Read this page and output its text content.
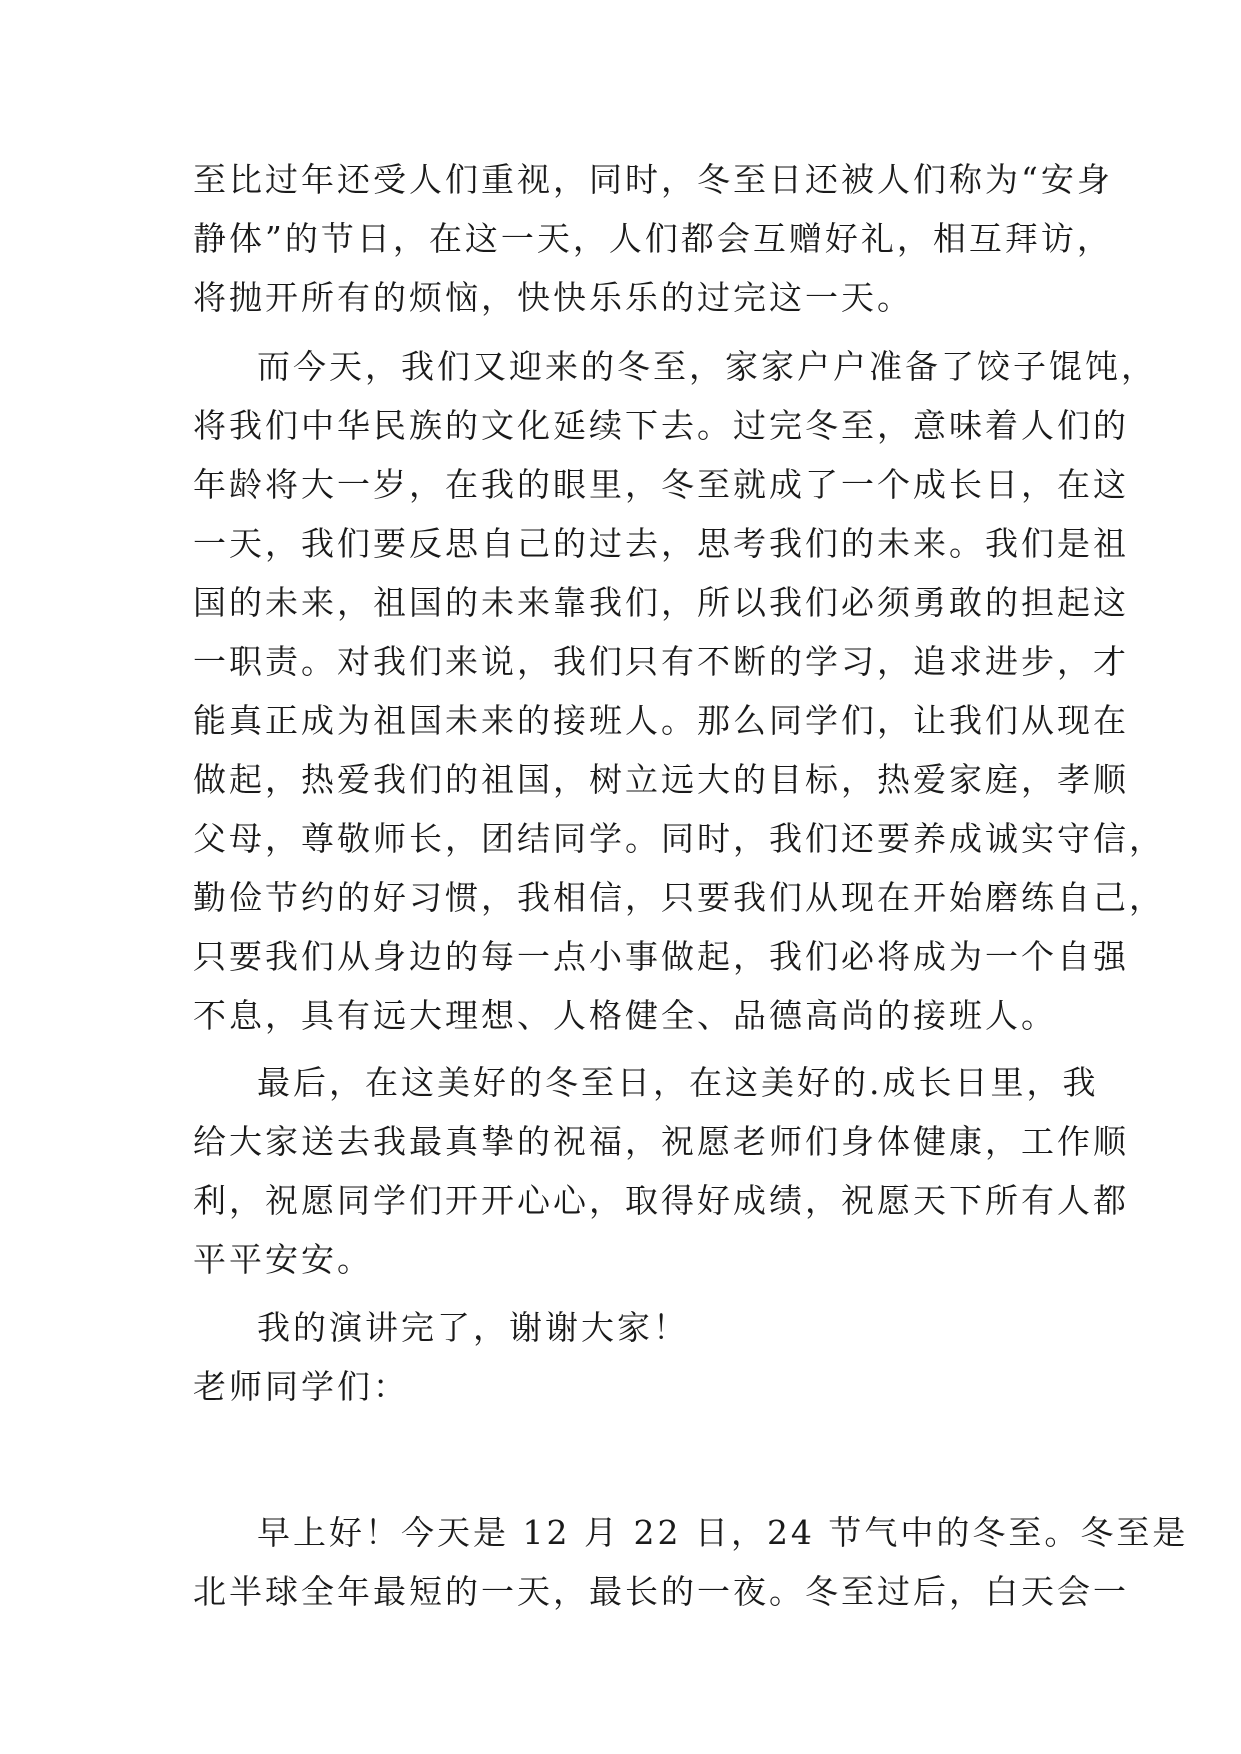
至比过年还受人们重视，同时，冬至日还被人们称为“安身
静体”的节日，在这一天，人们都会互赠好礼，相互拜访，
将抛开所有的烦恼，快快乐乐的过完这一天。
而今天，我们又迎来的冬至，家家户户准备了饺子馄饨，
将我们中华民族的文化延续下去。过完冬至，意味着人们的
年龄将大一岁，在我的眼里，冬至就成了一个成长日，在这
一天，我们要反思自己的过去，思考我们的未来。我们是祖
国的未来，祖国的未来靠我们，所以我们必须勇敢的担起这
一职责。对我们来说，我们只有不断的学习，追求进步，才
能真正成为祖国未来的接班人。那么同学们，让我们从现在
做起，热爱我们的祖国，树立远大的目标，热爱家庭，孝顺
父母，尊敬师长，团结同学。同时，我们还要养成诚实守信，
勤俭节约的好习惯，我相信，只要我们从现在开始磨练自己，
只要我们从身边的每一点小事做起，我们必将成为一个自强
不息，具有远大理想、人格健全、品德高尚的接班人。
最后，在这美好的冬至日，在这美好的.成长日里，我
给大家送去我最真挚的祝福，祝愿老师们身体健康，工作顺
利，祝愿同学们开开心心，取得好成绩，祝愿天下所有人都
平平安安。
我的演讲完了，谢谢大家！
老师同学们：
早上好！今天是 12 月 22 日，24 节气中的冬至。冬至是
北半球全年最短的一天，最长的一夜。冬至过后，白天会一
